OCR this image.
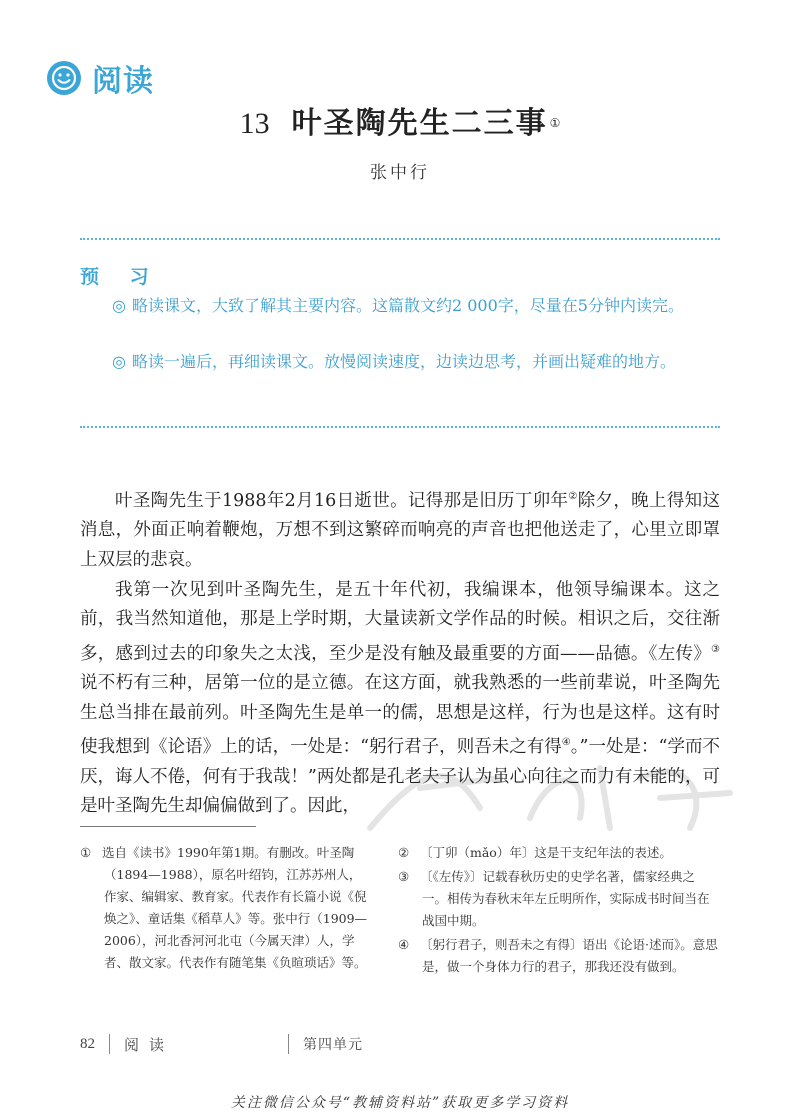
阅读
13 叶圣陶先生二三事 ①
张中行
预 习
◎ 略读课文，大致了解其主要内容。这篇散文约2 000字，尽量在5分钟内读完。
◎ 略读一遍后，再细读课文。放慢阅读速度，边读边思考，并画出疑难的地方。

叶圣陶先生于1988年2月16日逝世。记得那是旧历丁卯年②除夕，晚上得知这消息，外面正响着鞭炮，万想不到这繁碎而响亮的声音也把他送走了，心里立即罩上双层的悲哀。

我第一次见到叶圣陶先生，是五十年代初，我编课本，他领导编课本。这之前，我当然知道他，那是上学时期，大量读新文学作品的时候。相识之后，交往渐多，感到过去的印象失之太浅，至少是没有触及最重要的方面——品德。《左传》③说不朽有三种，居第一位的是立德。在这方面，就我熟悉的一些前辈说，叶圣陶先生总当排在最前列。叶圣陶先生是单一的儒，思想是这样，行为也是这样。这有时使我想到《论语》上的话，一处是：“躬行君子，则吾未之有得④。”一处是：“学而不厌，诲人不倦，何有于我哉！”两处都是孔老夫子认为虽心向往之而力有未能的，可是叶圣陶先生却偏偏做到了。因此，

① 选自《读书》1990年第1期。有删改。叶圣陶（1894—1988），原名叶绍钧，江苏苏州人，作家、编辑家、教育家。代表作有长篇小说《倪焕之》、童话集《稻草人》等。张中行（1909—2006），河北香河河北屯（今属天津）人，学者、散文家。代表作有随笔集《负暄琐话》等。

② 〔丁卯（mǎo）年〕这是干支纪年法的表述。

③ 〔《左传》〕记载春秋历史的史学名著，儒家经典之一。相传为春秋末年左丘明所作，实际成书时间当在战国中期。

④ 〔躬行君子，则吾未之有得〕语出《论语·述而》。意思是，做一个身体力行的君子，那我还没有做到。

82 阅读	第四单元
关注微信公众号“教辅资料站”获取更多学习资料
